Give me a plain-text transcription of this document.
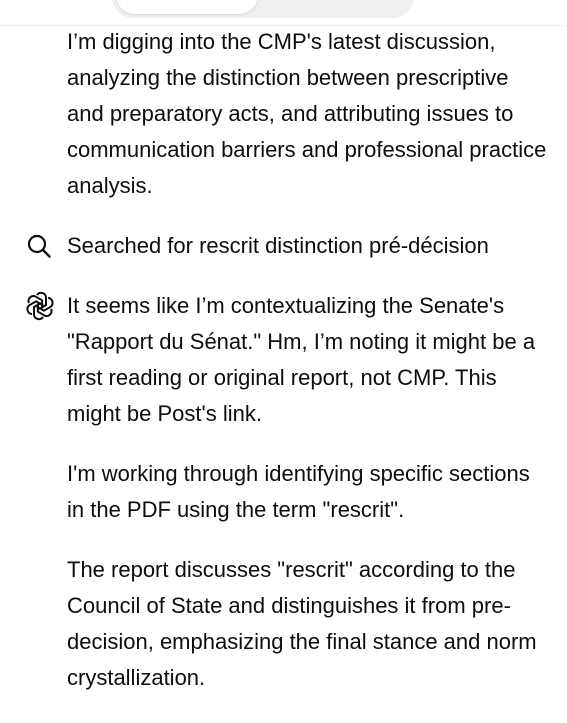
I’m digging into the CMP's latest discussion, analyzing the distinction between prescriptive and preparatory acts, and attributing issues to communication barriers and professional practice analysis.

Searched for rescrit distinction pré-décision

It seems like I’m contextualizing the Senate's "Rapport du Sénat." Hm, I’m noting it might be a first reading or original report, not CMP. This might be Post's link.

I'm working through identifying specific sections in the PDF using the term "rescrit".

The report discusses "rescrit" according to the Council of State and distinguishes it from pre-decision, emphasizing the final stance and norm crystallization.
